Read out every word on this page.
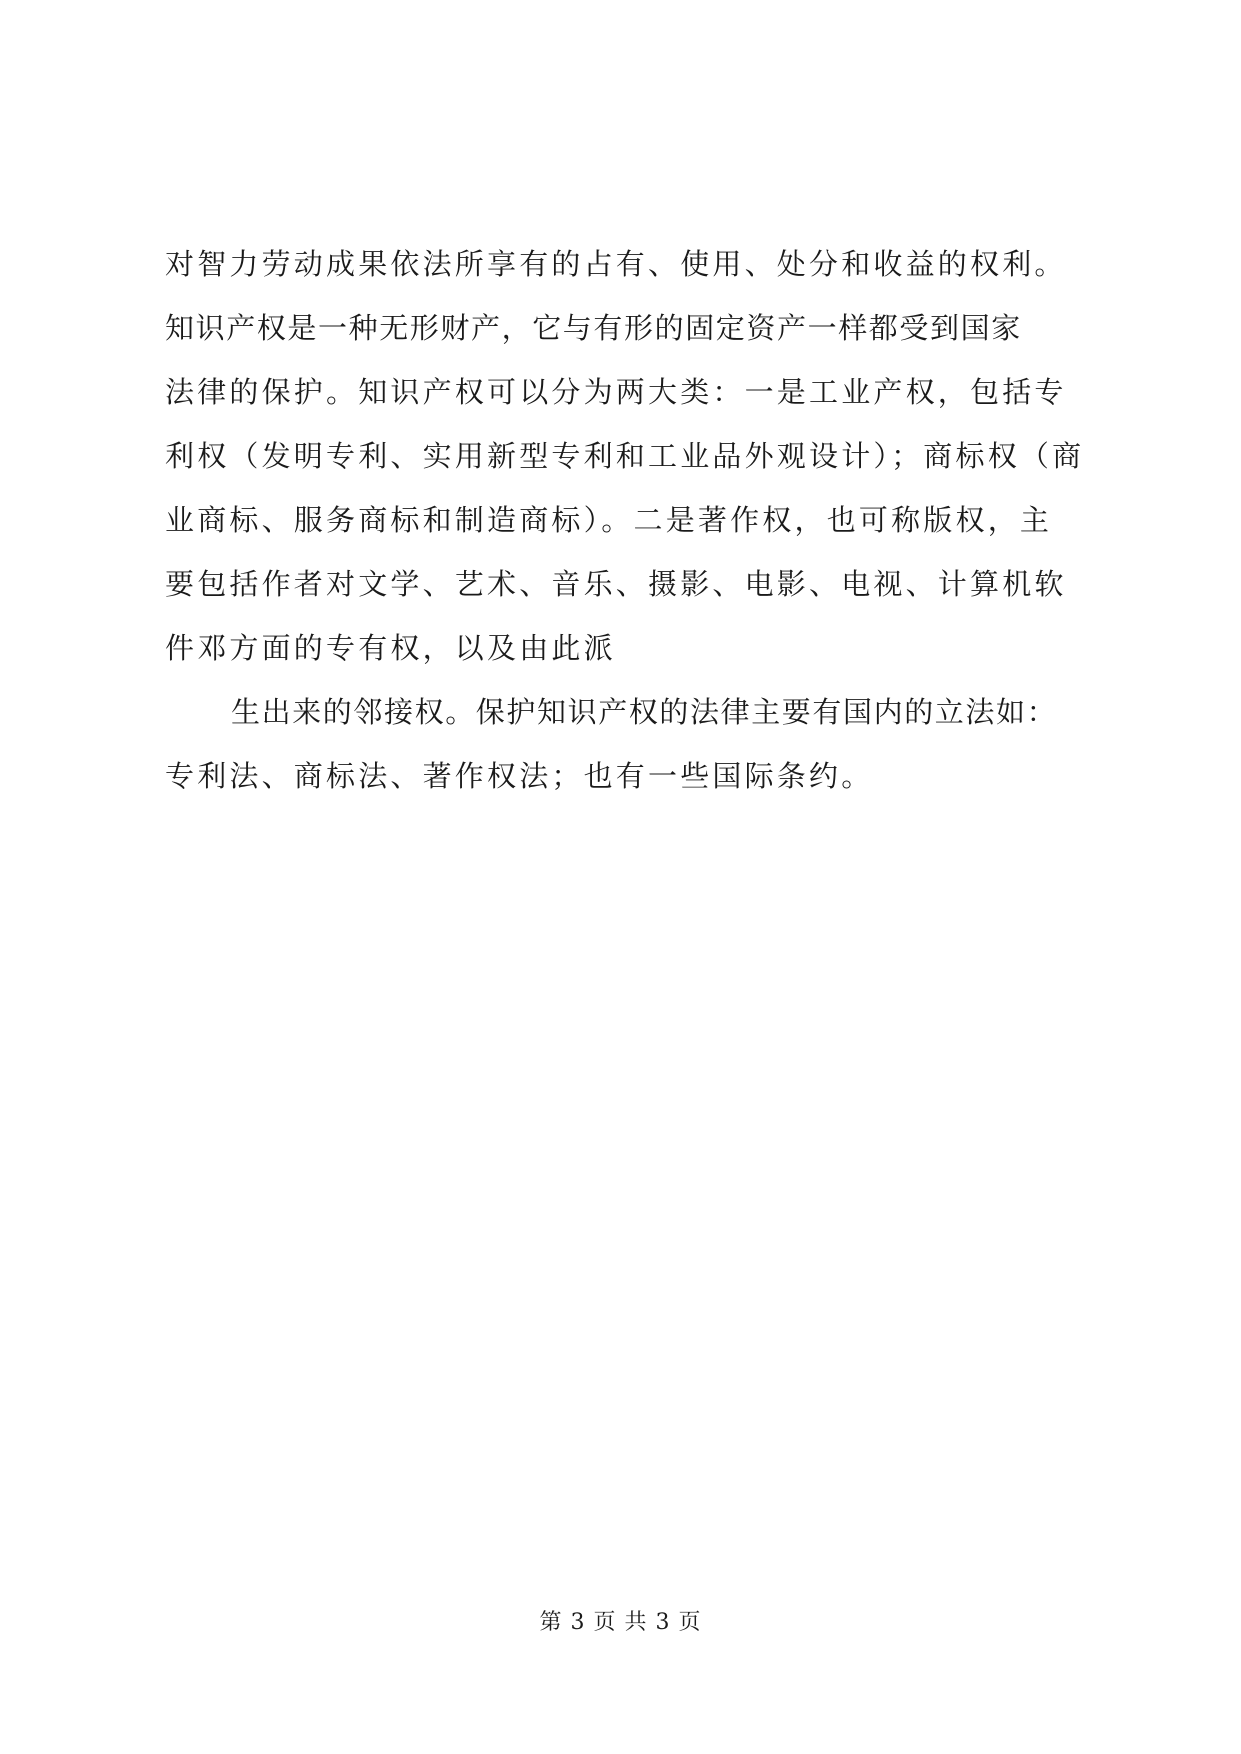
对智力劳动成果依法所享有的占有、使用、处分和收益的权利。
知识产权是一种无形财产，它与有形的固定资产一样都受到国家
法律的保护。知识产权可以分为两大类：一是工业产权，包括专
利权（发明专利、实用新型专利和工业品外观设计）；商标权（商
业商标、服务商标和制造商标）。二是著作权，也可称版权，主
要包括作者对文学、艺术、音乐、摄影、电影、电视、计算机软
件邓方面的专有权，以及由此派
生出来的邻接权。保护知识产权的法律主要有国内的立法如：
专利法、商标法、著作权法；也有一些国际条约。
第 3 页 共 3 页
